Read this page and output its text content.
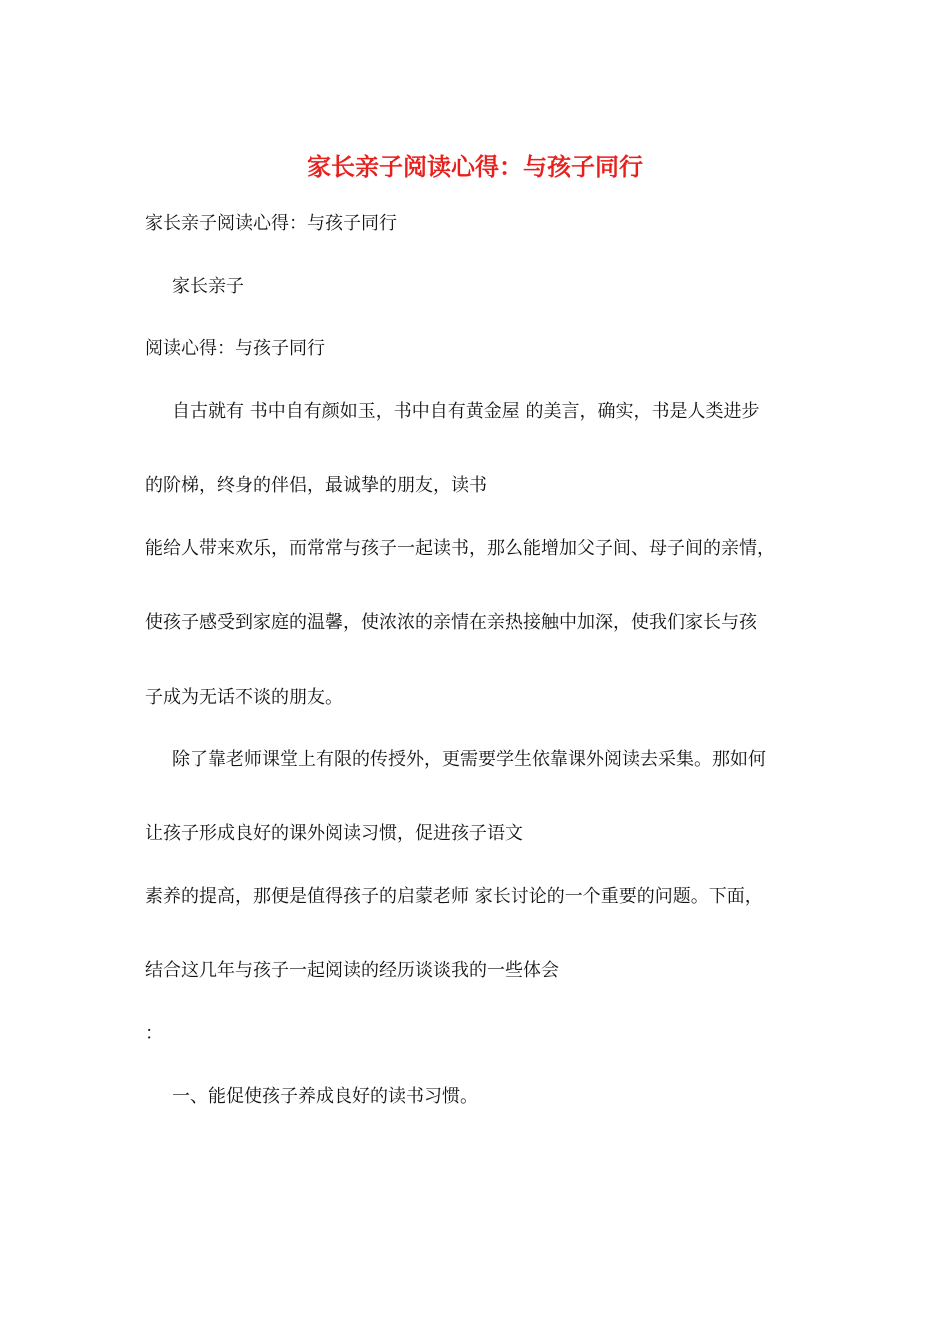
家长亲子阅读心得：与孩子同行
家长亲子阅读心得：与孩子同行
家长亲子
阅读心得：与孩子同行
自古就有 书中自有颜如玉，书中自有黄金屋 的美言，确实，书是人类进步
的阶梯，终身的伴侣，最诚挚的朋友，读书
能给人带来欢乐，而常常与孩子一起读书，那么能增加父子间、母子间的亲情，
使孩子感受到家庭的温馨，使浓浓的亲情在亲热接触中加深，使我们家长与孩
子成为无话不谈的朋友。
除了靠老师课堂上有限的传授外，更需要学生依靠课外阅读去采集。那如何
让孩子形成良好的课外阅读习惯，促进孩子语文
素养的提高，那便是值得孩子的启蒙老师 家长讨论的一个重要的问题。下面，
结合这几年与孩子一起阅读的经历谈谈我的一些体会
：
一、能促使孩子养成良好的读书习惯。
